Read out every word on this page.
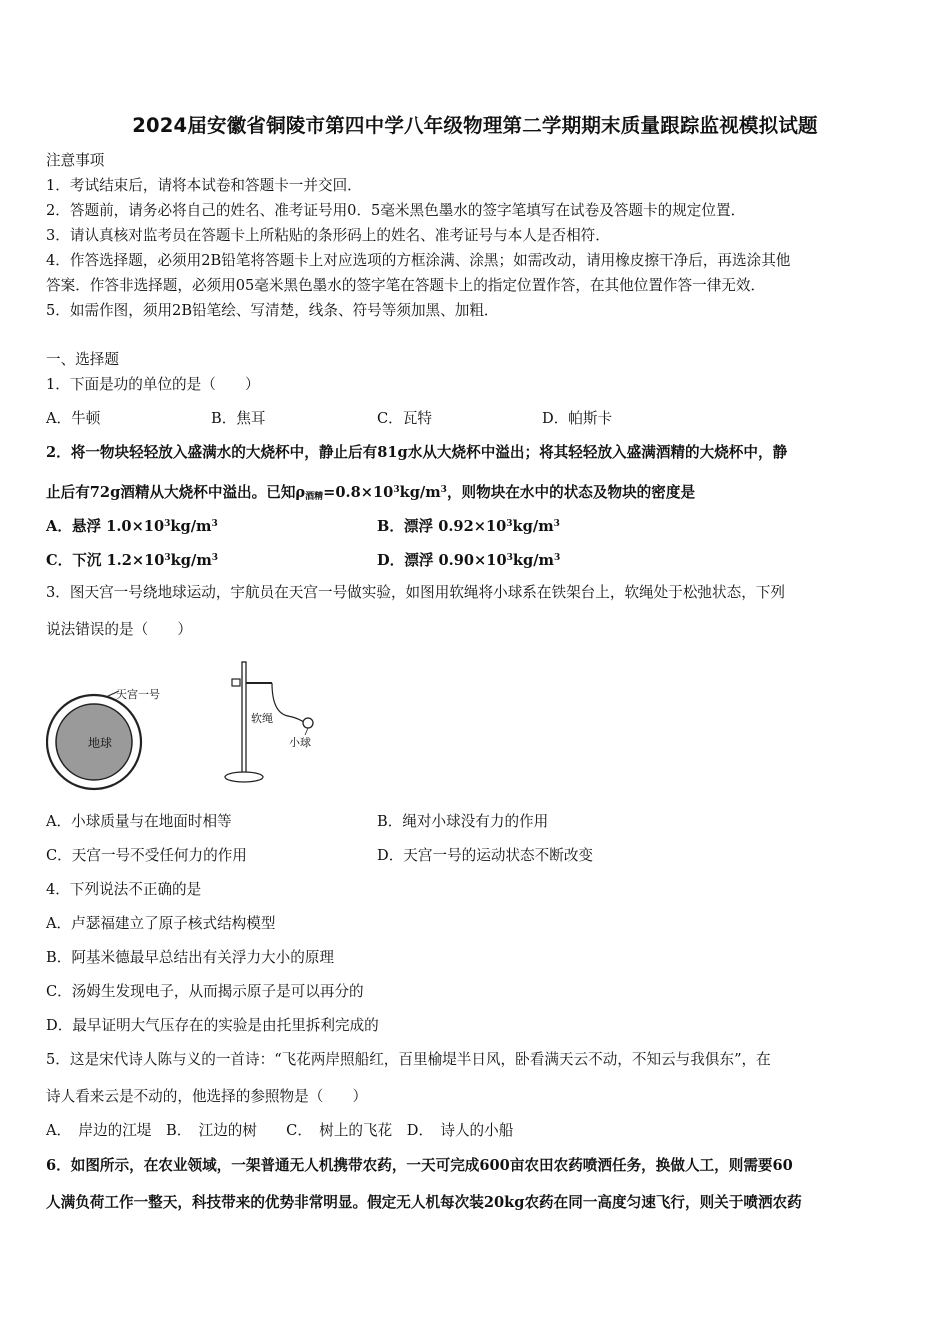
2024届安徽省铜陵市第四中学八年级物理第二学期期末质量跟踪监视模拟试题
注意事项
1．考试结束后，请将本试卷和答题卡一并交回．
2．答题前，请务必将自己的姓名、准考证号用0．5毫米黑色墨水的签字笔填写在试卷及答题卡的规定位置．
3．请认真核对监考员在答题卡上所粘贴的条形码上的姓名、准考证号与本人是否相符．
4．作答选择题，必须用2B铅笔将答题卡上对应选项的方框涂满、涂黑；如需改动，请用橡皮擦干净后，再选涂其他
答案．作答非选择题，必须用05毫米黑色墨水的签字笔在答题卡上的指定位置作答，在其他位置作答一律无效．
5．如需作图，须用2B铅笔绘、写清楚，线条、符号等须加黑、加粗．
一、选择题
1．下面是功的单位的是（　　）
A．牛顿	B．焦耳	C．瓦特	D．帕斯卡
2．将一物块轻轻放入盛满水的大烧杯中，静止后有81g水从大烧杯中溢出；将其轻轻放入盛满酒精的大烧杯中，静
止后有72g酒精从大烧杯中溢出。已知$\rho_{酒精}=0.8\times 10^3kg/m^3$，则物块在水中的状态及物块的密度是
A．悬浮 $1.0\times 10^3kg/m^3$	B．漂浮 $0.92\times 10^3kg/m^3$
C．下沉 $1.2\times 10^3kg/m^3$	D．漂浮 $0.90\times 10^3kg/m^3$
3．图天宫一号绕地球运动，宇航员在天宫一号做实验，如图用软绳将小球系在铁架台上，软绳处于松弛状态，下列
说法错误的是（　　）
地球
天宫一号
软绳
小球
A．小球质量与在地面时相等	B．绳对小球没有力的作用
C．天宫一号不受任何力的作用	D．天宫一号的运动状态不断改变
4．下列说法不正确的是
A．卢瑟福建立了原子核式结构模型
B．阿基米德最早总结出有关浮力大小的原理
C．汤姆生发现电子，从而揭示原子是可以再分的
D．最早证明大气压存在的实验是由托里拆利完成的
5．这是宋代诗人陈与义的一首诗：“飞花两岸照船红，百里榆堤半日风，卧看满天云不动，不知云与我俱东”，在
诗人看来云是不动的，他选择的参照物是（　　）
A．　岸边的江堤　B．　江边的树　　C．　树上的飞花　D．　诗人的小船
6．如图所示，在农业领域，一架普通无人机携带农药，一天可完成600亩农田农药喷洒任务，换做人工，则需要60
人满负荷工作一整天，科技带来的优势非常明显。假定无人机每次装20kg农药在同一高度匀速飞行，则关于喷洒农药
